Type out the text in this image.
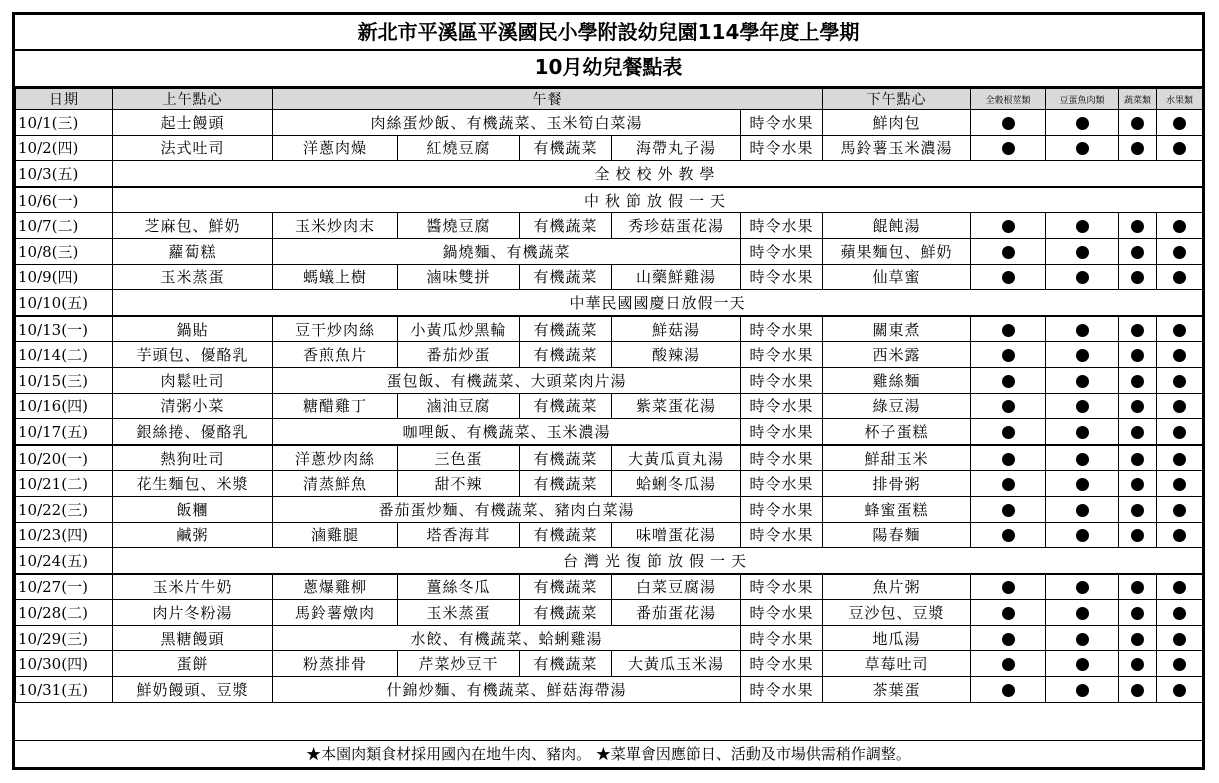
新北市平溪區平溪國民小學附設幼兒園114學年度上學期
10月幼兒餐點表
日期	上午點心	午餐					下午點心	全穀根莖類	豆蛋魚肉類	蔬菜類	水果類
10/1(三)	起士饅頭	肉絲蛋炒飯、有機蔬菜、玉米筍白菜湯				時令水果	鮮肉包				
10/2(四)	法式吐司	洋蔥肉燥	紅燒豆腐	有機蔬菜	海帶丸子湯	時令水果	馬鈴薯玉米濃湯				
10/3(五)	全校校外教學										
10/6(一)	中秋節放假一天										
10/7(二)	芝麻包、鮮奶	玉米炒肉末	醬燒豆腐	有機蔬菜	秀珍菇蛋花湯	時令水果	餛飩湯				
10/8(三)	蘿蔔糕	鍋燒麵、有機蔬菜				時令水果	蘋果麵包、鮮奶				
10/9(四)	玉米蒸蛋	螞蟻上樹	滷味雙拼	有機蔬菜	山藥鮮雞湯	時令水果	仙草蜜				
10/10(五)	中華民國國慶日放假一天										
10/13(一)	鍋貼	豆干炒肉絲	小黃瓜炒黑輪	有機蔬菜	鮮菇湯	時令水果	關東煮				
10/14(二)	芋頭包、優酪乳	香煎魚片	番茄炒蛋	有機蔬菜	酸辣湯	時令水果	西米露				
10/15(三)	肉鬆吐司	蛋包飯、有機蔬菜、大頭菜肉片湯				時令水果	雞絲麵				
10/16(四)	清粥小菜	糖醋雞丁	滷油豆腐	有機蔬菜	紫菜蛋花湯	時令水果	綠豆湯				
10/17(五)	銀絲捲、優酪乳	咖哩飯、有機蔬菜、玉米濃湯				時令水果	杯子蛋糕				
10/20(一)	熱狗吐司	洋蔥炒肉絲	三色蛋	有機蔬菜	大黃瓜貢丸湯	時令水果	鮮甜玉米				
10/21(二)	花生麵包、米漿	清蒸鮮魚	甜不辣	有機蔬菜	蛤蜊冬瓜湯	時令水果	排骨粥				
10/22(三)	飯糰	番茄蛋炒麵、有機蔬菜、豬肉白菜湯				時令水果	蜂蜜蛋糕				
10/23(四)	鹹粥	滷雞腿	塔香海茸	有機蔬菜	味噌蛋花湯	時令水果	陽春麵				
10/24(五)	台灣光復節放假一天										
10/27(一)	玉米片牛奶	蔥爆雞柳	薑絲冬瓜	有機蔬菜	白菜豆腐湯	時令水果	魚片粥				
10/28(二)	肉片冬粉湯	馬鈴薯燉肉	玉米蒸蛋	有機蔬菜	番茄蛋花湯	時令水果	豆沙包、豆漿				
10/29(三)	黑糖饅頭	水餃、有機蔬菜、蛤蜊雞湯				時令水果	地瓜湯				
10/30(四)	蛋餅	粉蒸排骨	芹菜炒豆干	有機蔬菜	大黃瓜玉米湯	時令水果	草莓吐司				
10/31(五)	鮮奶饅頭、豆漿	什錦炒麵、有機蔬菜、鮮菇海帶湯				時令水果	茶葉蛋				
★本園肉類食材採用國內在地牛肉、豬肉。 ★菜單會因應節日、活動及市場供需稍作調整。
